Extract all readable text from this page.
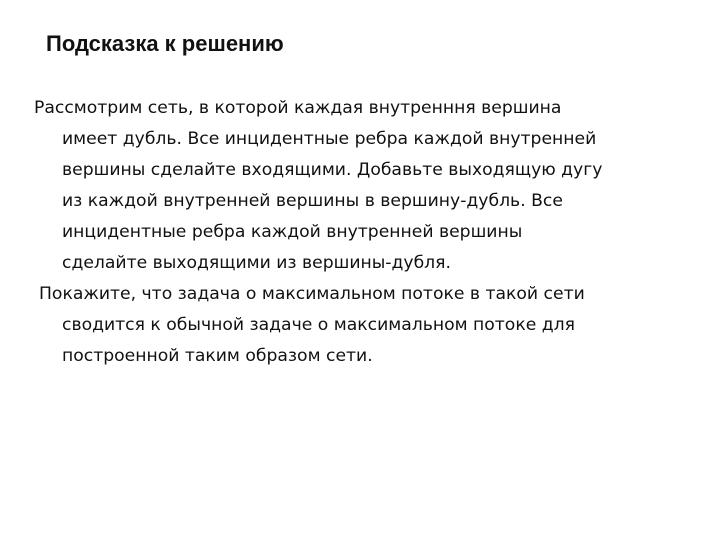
Подсказка к решению
Рассмотрим сеть, в которой каждая внутренння вершина
имеет дубль. Все инцидентные ребра каждой внутренней
вершины сделайте входящими. Добавьте выходящую дугу
из каждой внутренней вершины в вершину-дубль. Все
инцидентные ребра каждой внутренней вершины
сделайте выходящими из вершины-дубля.
Покажите, что задача о максимальном потоке в такой сети
сводится к обычной задаче о максимальном потоке для
построенной таким образом сети.
